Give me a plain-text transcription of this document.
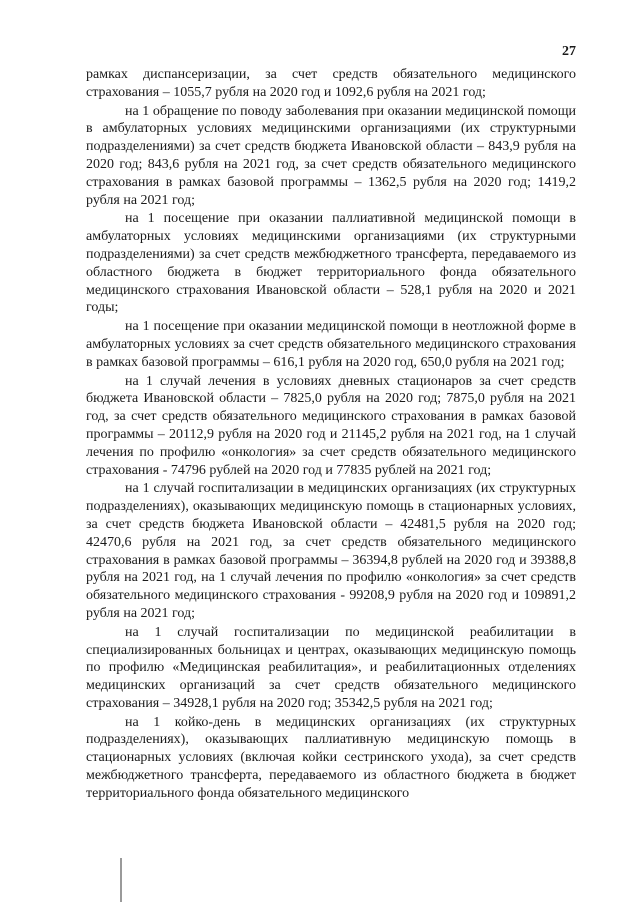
27

рамках диспансеризации, за счет средств обязательного медицинского страхования – 1055,7 рубля на 2020 год и 1092,6 рубля на 2021 год;

на 1 обращение по поводу заболевания при оказании медицинской помощи в амбулаторных условиях медицинскими организациями (их структурными подразделениями) за счет средств бюджета Ивановской области – 843,9 рубля на 2020 год; 843,6 рубля на 2021 год, за счет средств обязательного медицинского страхования в рамках базовой программы – 1362,5 рубля на 2020 год; 1419,2 рубля на 2021 год;

на 1 посещение при оказании паллиативной медицинской помощи в амбулаторных условиях медицинскими организациями (их структурными подразделениями) за счет средств межбюджетного трансферта, передаваемого из областного бюджета в бюджет территориального фонда обязательного медицинского страхования Ивановской области – 528,1 рубля на 2020 и 2021 годы;

на 1 посещение при оказании медицинской помощи в неотложной форме в амбулаторных условиях за счет средств обязательного медицинского страхования в рамках базовой программы – 616,1 рубля на 2020 год, 650,0 рубля на 2021 год;

на 1 случай лечения в условиях дневных стационаров за счет средств бюджета Ивановской области – 7825,0 рубля на 2020 год; 7875,0 рубля на 2021 год, за счет средств обязательного медицинского страхования в рамках базовой программы – 20112,9 рубля на 2020 год и 21145,2 рубля на 2021 год, на 1 случай лечения по профилю «онкология» за счет средств обязательного медицинского страхования - 74796 рублей на 2020 год и 77835 рублей на 2021 год;

на 1 случай госпитализации в медицинских организациях (их структурных подразделениях), оказывающих медицинскую помощь в стационарных условиях, за счет средств бюджета Ивановской области – 42481,5 рубля на 2020 год; 42470,6 рубля на 2021 год, за счет средств обязательного медицинского страхования в рамках базовой программы – 36394,8 рублей на 2020 год и 39388,8 рубля на 2021 год, на 1 случай лечения по профилю «онкология» за счет средств обязательного медицинского страхования - 99208,9 рубля на 2020 год и 109891,2 рубля на 2021 год;

на 1 случай госпитализации по медицинской реабилитации в специализированных больницах и центрах, оказывающих медицинскую помощь по профилю «Медицинская реабилитация», и реабилитационных отделениях медицинских организаций за счет средств обязательного медицинского страхования – 34928,1 рубля на 2020 год; 35342,5 рубля на 2021 год;

на 1 койко-день в медицинских организациях (их структурных подразделениях), оказывающих паллиативную медицинскую помощь в стационарных условиях (включая койки сестринского ухода), за счет средств межбюджетного трансферта, передаваемого из областного бюджета в бюджет территориального фонда обязательного медицинского
